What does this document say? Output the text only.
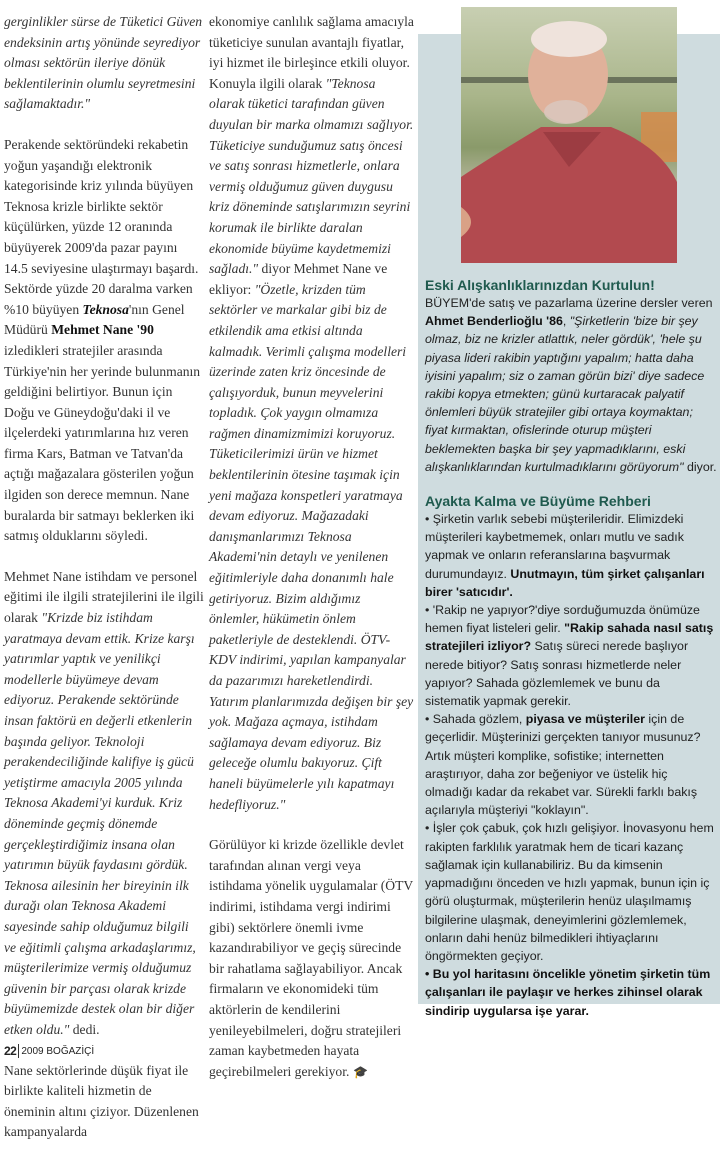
gerginlikler sürse de Tüketici Güven endeksinin artış yönünde seyrediyor olması sektörün ileriye dönük beklentilerinin olumlu seyretmesini sağlamaktadır."

Perakende sektöründeki rekabetin yoğun yaşandığı elektronik kategorisinde kriz yılında büyüyen Teknosa krizle birlikte sektör küçülürken, yüzde 12 oranında büyüyerek 2009'da pazar payını 14.5 seviyesine ulaştırmayı başardı. Sektörde yüzde 20 daralma varken %10 büyüyen Teknosa'nın Genel Müdürü Mehmet Nane '90 izledikleri stratejiler arasında Türkiye'nin her yerinde bulunmanın geldiğini belirtiyor. Bunun için Doğu ve Güneydoğu'daki il ve ilçelerdeki yatırımlarına hız veren firma Kars, Batman ve Tatvan'da açtığı mağazalara gösterilen yoğun ilgiden son derece memnun. Nane buralarda bir satmayı beklerken iki satmış olduklarını söyledi.

Mehmet Nane istihdam ve personel eğitimi ile ilgili stratejilerini ile ilgili olarak "Krizde biz istihdam yaratmaya devam ettik. Krize karşı yatırımlar yaptık ve yenilikçi modellerle büyümeye devam ediyoruz. Perakende sektöründe insan faktörü en değerli etkenlerin başında geliyor. Teknoloji perakendeciliğinde kalifiye iş gücü yetiştirme amacıyla 2005 yılında Teknosa Akademi'yi kurduk. Kriz döneminde geçmiş dönemde gerçekleştirdiğimiz insana olan yatırımın büyük faydasını gördük. Teknosa ailesinin her bireyinin ilk durağı olan Teknosa Akademi sayesinde sahip olduğumuz bilgili ve eğitimli çalışma arkadaşlarımız, müşterilerimize vermiş olduğumuz güvenin bir parçası olarak krizde büyümemizde destek olan bir diğer etken oldu." dedi.

Nane sektörlerinde düşük fiyat ile birlikte kaliteli hizmetin de öneminin altını çiziyor. Düzenlenen kampanyalarda

ekonomiye canlılık sağlama amacıyla tüketiciye sunulan avantajlı fiyatlar, iyi hizmet ile birleşince etkili oluyor. Konuyla ilgili olarak "Teknosa olarak tüketici tarafından güven duyulan bir marka olmamızı sağlıyor. Tüketiciye sunduğumuz satış öncesi ve satış sonrası hizmetlerle, onlara vermiş olduğumuz güven duygusu kriz döneminde satışlarımızın seyrini korumak ile birlikte daralan ekonomide büyüme kaydetmemizi sağladı." diyor Mehmet Nane ve ekliyor: "Özetle, krizden tüm sektörler ve markalar gibi biz de etkilendik ama etkisi altında kalmadık. Verimli çalışma modelleri üzerinde zaten kriz öncesinde de çalışıyorduk, bunun meyvelerini topladık. Çok yaygın olmamıza rağmen dinamizmimizi koruyoruz. Tüketicilerimizi ürün ve hizmet beklentilerinin ötesine taşımak için yeni mağaza konspetleri yaratmaya devam ediyoruz. Mağazadaki danışmanlarımızı Teknosa Akademi'nin detaylı ve yenilenen eğitimleriyle daha donanımlı hale getiriyoruz. Bizim aldığımız önlemler, hükümetin önlem paketleriyle de desteklendi. ÖTV-KDV indirimi, yapılan kampanyalar da pazarımızı hareketlendirdi. Yatırım planlarımızda değişen bir şey yok. Mağaza açmaya, istihdam sağlamaya devam ediyoruz. Biz geleceğe olumlu bakıyoruz. Çift haneli büyümelerle yılı kapatmayı hedefliyoruz."

Görülüyor ki krizde özellikle devlet tarafından alınan vergi veya istihdama yönelik uygulamalar (ÖTV indirimi, istihdama vergi indirimi gibi) sektörlere önemli ivme kazandırabiliyor ve geçiş sürecinde bir rahatlama sağlayabiliyor. Ancak firmaların ve ekonomideki tüm aktörlerin de kendilerini yenileyebilmeleri, doğru stratejileri zaman kaybetmeden hayata geçirebilmeleri gerekiyor. 🎓

Eski Alışkanlıklarınızdan Kurtulun!

BÜYEM'de satış ve pazarlama üzerine dersler veren Ahmet Benderlioğlu '86, "Şirketlerin 'bize bir şey olmaz, biz ne krizler atlattık, neler gördük', 'hele şu piyasa lideri rakibin yaptığını yapalım; hatta daha iyisini yapalım; siz o zaman görün bizi' diye sadece rakibi kopya etmekten; günü kurtaracak palyatif önlemleri büyük stratejiler gibi ortaya koymaktan; fiyat kırmaktan, ofislerinde oturup müşteri beklemekten başka bir şey yapmadıklarını, eski alışkanlıklarından kurtulmadıklarını görüyorum" diyor.

Ayakta Kalma ve Büyüme Rehberi

• Şirketin varlık sebebi müşterileridir. Elimizdeki müşterileri kaybetmemek, onları mutlu ve sadık yapmak ve onların referanslarına başvurmak durumundayız. Unutmayın, tüm şirket çalışanları birer 'satıcıdır'.

• 'Rakip ne yapıyor?'diye sorduğumuzda önümüze hemen fiyat listeleri gelir. "Rakip sahada nasıl satış stratejileri izliyor? Satış süreci nerede başlıyor nerede bitiyor? Satış sonrası hizmetlerde neler yapıyor? Sahada gözlemlemek ve bunu da sistematik yapmak gerekir.

• Sahada gözlem, piyasa ve müşteriler için de geçerlidir. Müşterinizi gerçekten tanıyor musunuz? Artık müşteri komplike, sofistike; internetten araştırıyor, daha zor beğeniyor ve üstelik hiç olmadığı kadar da rekabet var. Sürekli farklı bakış açılarıyla müşteriyi "koklayın".

• İşler çok çabuk, çok hızlı gelişiyor. İnovasyonu hem rakipten farklılık yaratmak hem de ticari kazanç sağlamak için kullanabiliriz. Bu da kimsenin yapmadığını önceden ve hızlı yapmak, bunun için iç görü oluşturmak, müşterilerin henüz ulaşılmamış bilgilerine ulaşmak, deneyimlerini gözlemlemek, onların dahi henüz bilmedikleri ihtiyaçlarını öngörmekten geçiyor.

• Bu yol haritasını öncelikle yönetim şirketin tüm çalışanları ile paylaşır ve herkes zihinsel olarak sindirip uygularsa işe yarar.

22 2009 BOĞAZİÇİ
